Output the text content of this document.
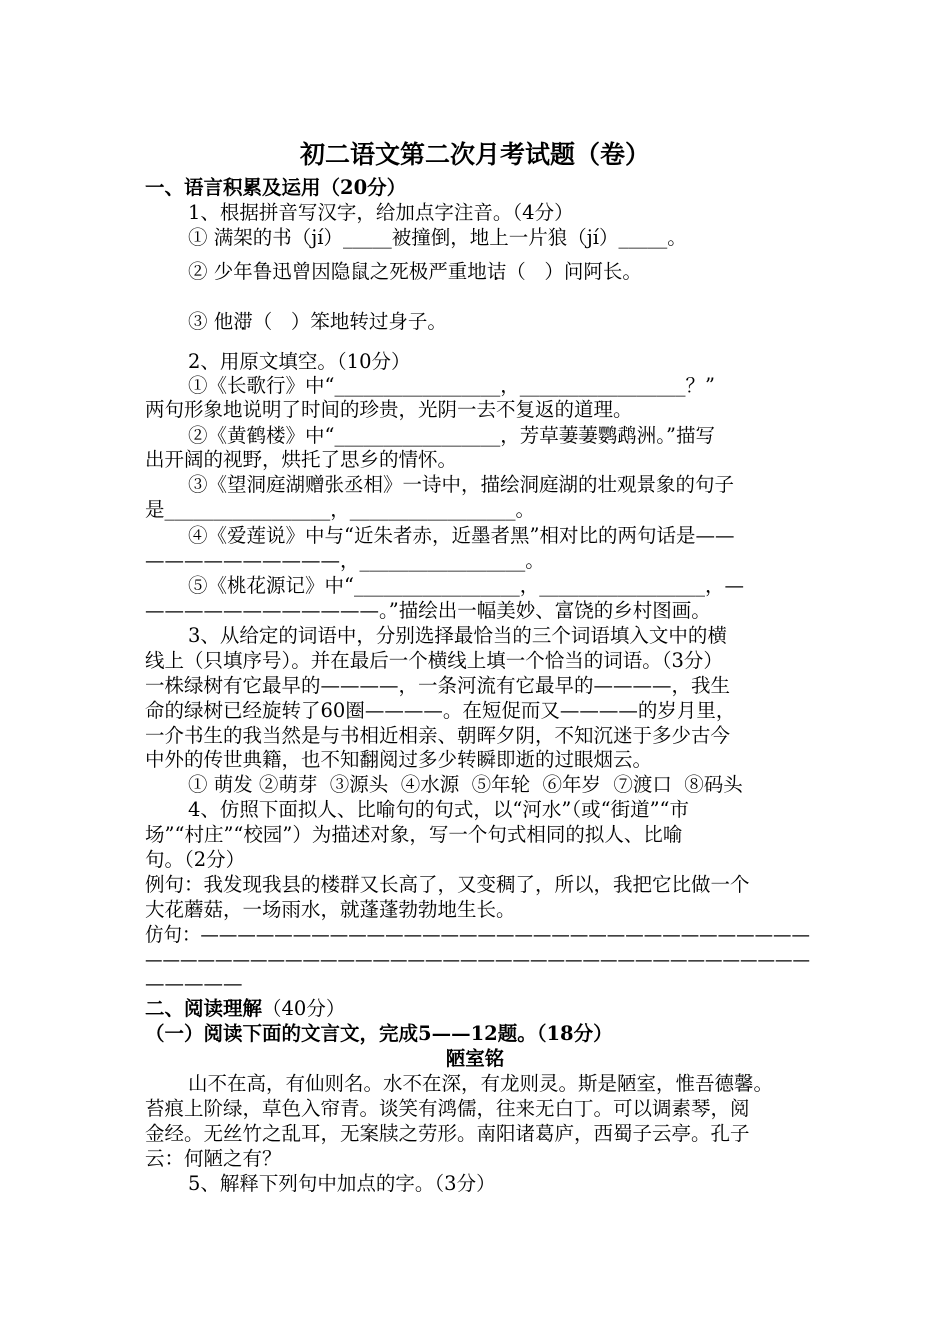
初二语文第二次月考试题（卷）
一、语言积累及运用（20分）
1、根据拼音写汉字，给加点字注音。（4分）
① 满架的书（jí）_____被撞倒，地上一片狼（jí）_____。
② 少年鲁迅曾因隐鼠之死极严重地诘（   ）问阿长。
③ 他滞（   ）笨地转过身子。
2、用原文填空。（10分）
①《长歌行》中“_________________，_________________？”
两句形象地说明了时间的珍贵，光阴一去不复返的道理。
②《黄鹤楼》中“_________________，芳草萋萋鹦鹉洲。”描写
出开阔的视野，烘托了思乡的情怀。
③《望洞庭湖赠张丞相》一诗中，描绘洞庭湖的壮观景象的句子
是_________________，_________________。
④《爱莲说》中与“近朱者赤，近墨者黑”相对比的两句话是——
——————————，_________________。
⑤《桃花源记》中“_________________，_________________，—
————————————。”描绘出一幅美妙、富饶的乡村图画。
3、从给定的词语中，分别选择最恰当的三个词语填入文中的横
线上（只填序号）。并在最后一个横线上填一个恰当的词语。（3分）
一株绿树有它最早的————，一条河流有它最早的————，我生
命的绿树已经旋转了60圈————。在短促而又————的岁月里，
一介书生的我当然是与书相近相亲、朝晖夕阴，不知沉迷于多少古今
中外的传世典籍，也不知翻阅过多少转瞬即逝的过眼烟云。
① 萌发 ②萌芽  ③源头  ④水源  ⑤年轮  ⑥年岁  ⑦渡口  ⑧码头
4、仿照下面拟人、比喻句的句式，以“河水”（或“街道”“市
场”“村庄”“校园”）为描述对象，写一个句式相同的拟人、比喻
句。（2分）
例句：我发现我县的楼群又长高了，又变稠了，所以，我把它比做一个
大花蘑菇，一场雨水，就蓬蓬勃勃地生长。
仿句：—————————————————————————————————
——————————————————————————————————————
—————
二、阅读理解（40分）
（一）阅读下面的文言文，完成5——12题。（18分）
陋室铭
山不在高，有仙则名。水不在深，有龙则灵。斯是陋室，惟吾德馨。
苔痕上阶绿，草色入帘青。谈笑有鸿儒，往来无白丁。可以调素琴，阅
金经。无丝竹之乱耳，无案牍之劳形。南阳诸葛庐，西蜀子云亭。孔子
云：何陋之有？
5、解释下列句中加点的字。（3分）
